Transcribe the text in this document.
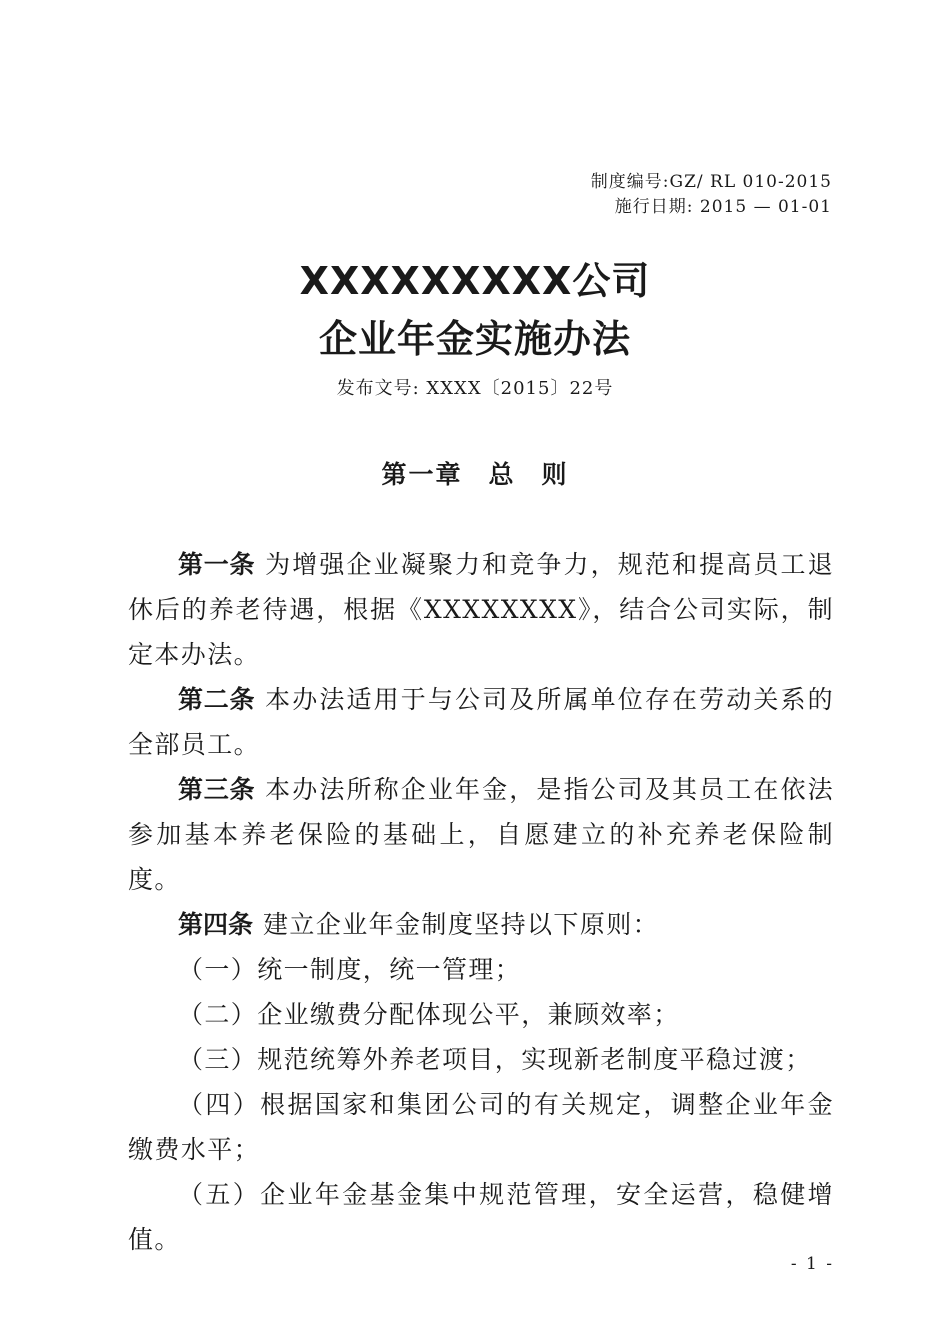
制度编号:GZ/ RL 010-2015
施行日期: 2015 — 01-01
XXXXXXXXX公司
企业年金实施办法
发布文号: XXXX〔2015〕22号
第一章 总 则

第一条 为增强企业凝聚力和竞争力，规范和提高员工退休后的养老待遇，根据《XXXXXXXX》，结合公司实际，制定本办法。

第二条 本办法适用于与公司及所属单位存在劳动关系的全部员工。

第三条 本办法所称企业年金，是指公司及其员工在依法参加基本养老保险的基础上，自愿建立的补充养老保险制度。

第四条 建立企业年金制度坚持以下原则：

（一）统一制度，统一管理；

（二）企业缴费分配体现公平，兼顾效率；

（三）规范统筹外养老项目，实现新老制度平稳过渡；

（四）根据国家和集团公司的有关规定，调整企业年金缴费水平；

（五）企业年金基金集中规范管理，安全运营，稳健增值。

- 1 -
